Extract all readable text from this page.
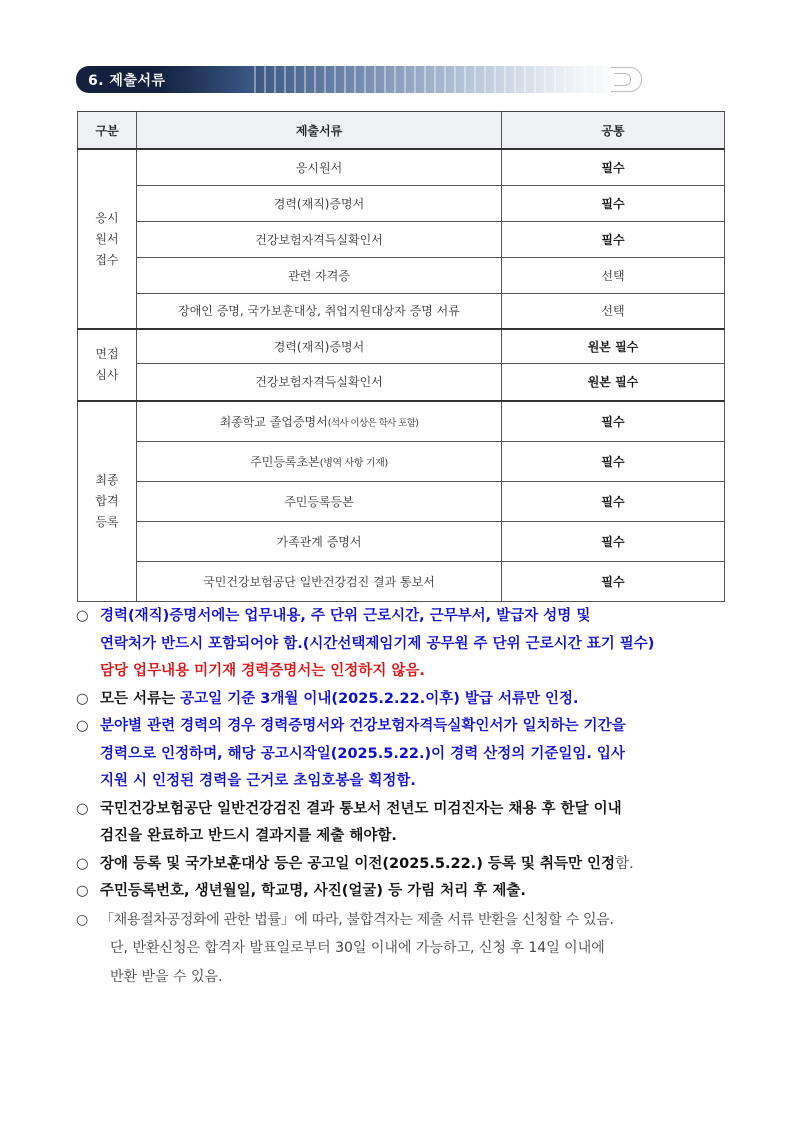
6. 제출서류
구분	제출서류	공통
응시
원서
접수	응시원서	필수
	경력(재직)증명서	필수
	건강보험자격득실확인서	필수
	관련 자격증	선택
	장애인 증명, 국가보훈대상, 취업지원대상자 증명 서류	선택
면접
심사	경력(재직)증명서	원본 필수
	건강보험자격득실확인서	원본 필수
최종
합격
등록	최종학교 졸업증명서(석사 이상은 학사 포함)	필수
	주민등록초본(병역 사항 기재)	필수
	주민등록등본	필수
	가족관계 증명서	필수
	국민건강보험공단 일반건강검진 결과 통보서	필수
○ 경력(재직)증명서에는 업무내용, 주 단위 근로시간, 근무부서, 발급자 성명 및
연락처가 반드시 포함되어야 함.(시간선택제임기제 공무원 주 단위 근로시간 표기 필수)
담당 업무내용 미기재 경력증명서는 인정하지 않음.
○ 모든 서류는 공고일 기준 3개월 이내(2025.2.22.이후) 발급 서류만 인정.
○ 분야별 관련 경력의 경우 경력증명서와 건강보험자격득실확인서가 일치하는 기간을
경력으로 인정하며, 해당 공고시작일(2025.5.22.)이 경력 산정의 기준일임. 입사
지원 시 인정된 경력을 근거로 초임호봉을 획정함.
○ 국민건강보험공단 일반건강검진 결과 통보서 전년도 미검진자는 채용 후 한달 이내
검진을 완료하고 반드시 결과지를 제출 해야함.
○ 장애 등록 및 국가보훈대상 등은 공고일 이전(2025.5.22.) 등록 및 취득만 인정함.
○ 주민등록번호, 생년월일, 학교명, 사진(얼굴) 등 가림 처리 후 제출.
○ 「채용절차공정화에 관한 법률」에 따라, 불합격자는 제출 서류 반환을 신청할 수 있음.
단, 반환신청은 합격자 발표일로부터 30일 이내에 가능하고, 신청 후 14일 이내에
반환 받을 수 있음.
